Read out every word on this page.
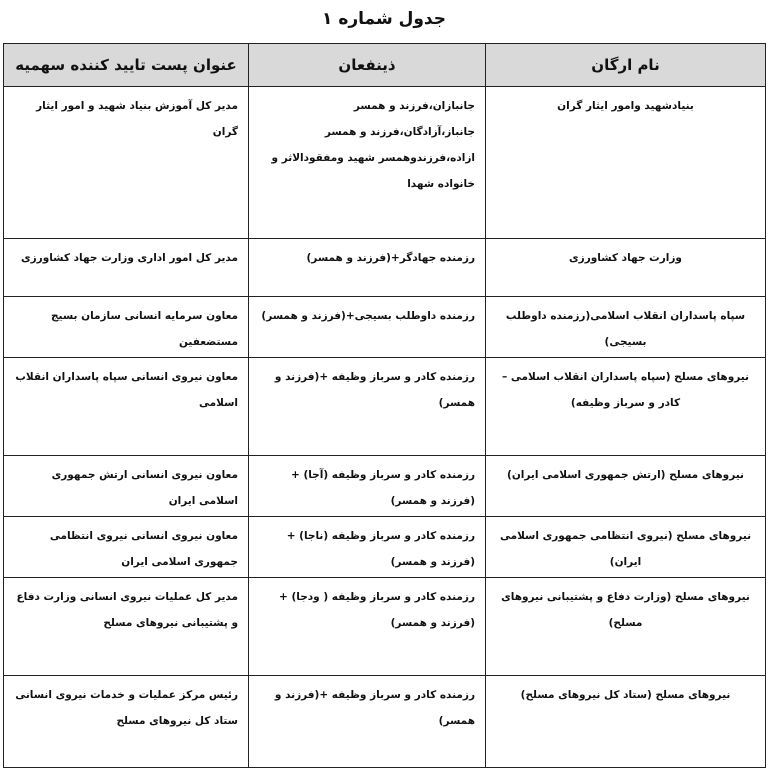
جدول شماره ۱
نام ارگان	ذینفعان	عنوان پست تایید کننده سهمیه
بنیادشهید وامور ایثار گران	جانبازان،فرزند و همسر جانباز،آزادگان،فرزند و همسر ازاده،فرزندوهمسر شهید ومفقودالاثر و خانواده شهدا	مدیر کل آموزش بنیاد شهید و امور ایثار گران
وزارت جهاد کشاورزی	رزمنده جهادگر+(فرزند و همسر)	مدیر کل امور اداری وزارت جهاد کشاورزی
سپاه پاسداران انقلاب اسلامی(رزمنده داوطلب بسیجی)	رزمنده داوطلب بسیجی+(فرزند و همسر)	معاون سرمایه انسانی سازمان بسیج مستضعفین
نیروهای مسلح (سپاه پاسداران انقلاب اسلامی – کادر و سرباز وظیفه)	رزمنده کادر و سرباز وظیفه +(فرزند و همسر)	معاون نیروی انسانی سپاه پاسداران انقلاب اسلامی
نیروهای مسلح (ارتش جمهوری اسلامی ایران)	رزمنده کادر و سرباز وظیفه (آجا) +(فرزند و همسر)	معاون نیروی انسانی ارتش جمهوری اسلامی ایران
نیروهای مسلح (نیروی انتظامی جمهوری اسلامی ایران)	رزمنده کادر و سرباز وظیفه (ناجا) +(فرزند و همسر)	معاون نیروی انسانی نیروی انتظامی جمهوری اسلامی ایران
نیروهای مسلح (وزارت دفاع و پشتیبانی نیروهای مسلح)	رزمنده کادر و سرباز وظیفه ( ودجا) +(فرزند و همسر)	مدیر کل عملیات نیروی انسانی وزارت دفاع و پشتیبانی نیروهای مسلح
نیروهای مسلح (ستاد کل نیروهای مسلح)	رزمنده کادر و سرباز وظیفه +(فرزند و همسر)	رئیس مرکز عملیات و خدمات نیروی انسانی ستاد کل نیروهای مسلح
